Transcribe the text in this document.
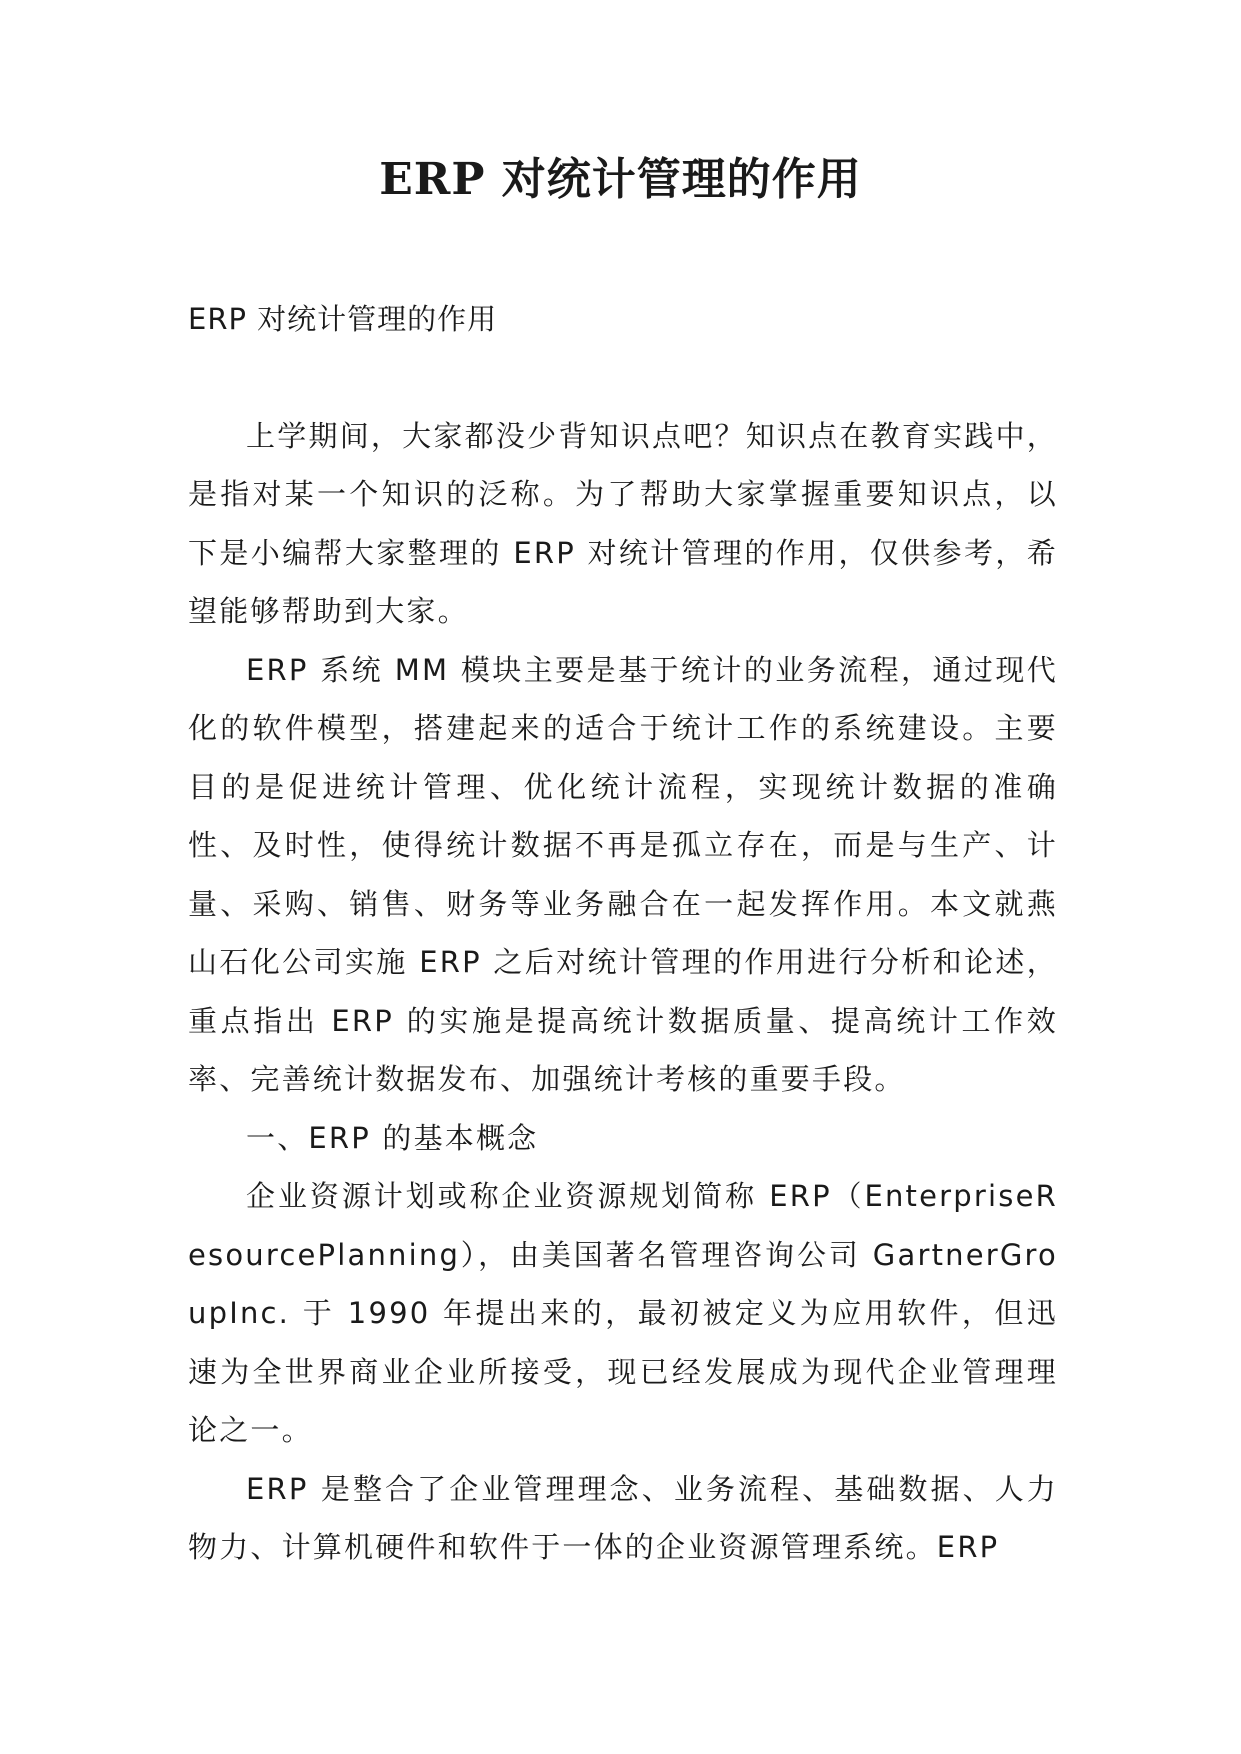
ERP 对统计管理的作用

ERP 对统计管理的作用

上学期间，大家都没少背知识点吧？知识点在教育实践中，是指对某一个知识的泛称。为了帮助大家掌握重要知识点，以下是小编帮大家整理的 ERP 对统计管理的作用，仅供参考，希望能够帮助到大家。

ERP 系统 MM 模块主要是基于统计的业务流程，通过现代化的软件模型，搭建起来的适合于统计工作的系统建设。主要目的是促进统计管理、优化统计流程，实现统计数据的准确性、及时性，使得统计数据不再是孤立存在，而是与生产、计量、采购、销售、财务等业务融合在一起发挥作用。本文就燕山石化公司实施 ERP 之后对统计管理的作用进行分析和论述，重点指出 ERP 的实施是提高统计数据质量、提高统计工作效率、完善统计数据发布、加强统计考核的重要手段。

一、ERP 的基本概念

企业资源计划或称企业资源规划简称 ERP（EnterpriseResourcePlanning），由美国著名管理咨询公司 GartnerGroupInc. 于 1990 年提出来的，最初被定义为应用软件，但迅速为全世界商业企业所接受，现已经发展成为现代企业管理理论之一。

ERP 是整合了企业管理理念、业务流程、基础数据、人力物力、计算机硬件和软件于一体的企业资源管理系统。ERP
